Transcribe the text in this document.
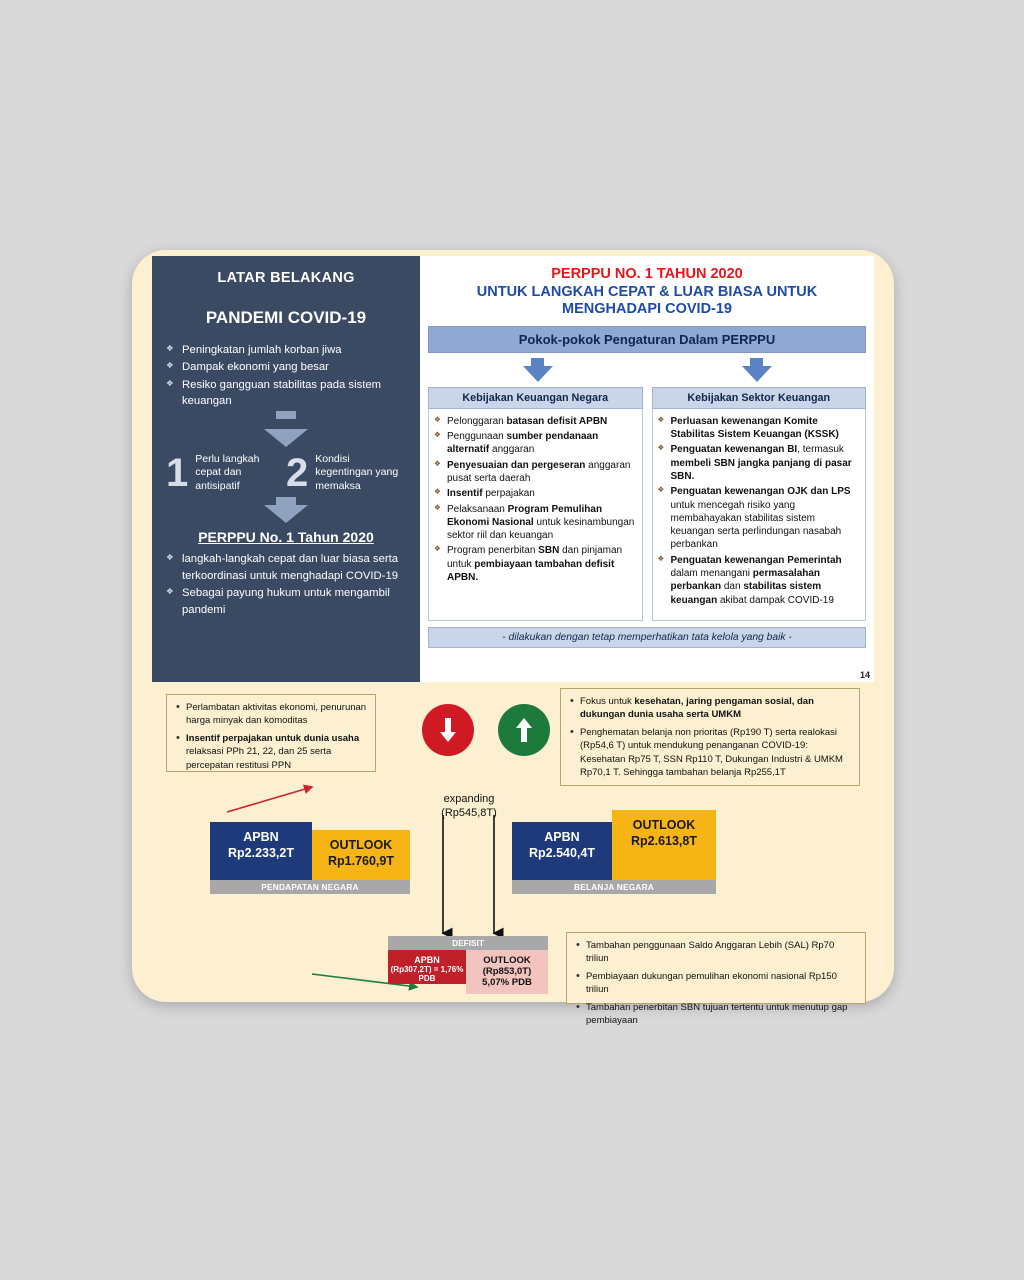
LATAR BELAKANG
PANDEMI COVID-19
❖ Peningkatan jumlah korban jiwa
❖ Dampak ekonomi yang besar
❖ Resiko gangguan stabilitas pada sistem keuangan
1 Perlu langkah cepat dan antisipatif	2 Kondisi kegentingan yang memaksa
PERPPU No. 1 Tahun 2020
❖ langkah-langkah cepat dan luar biasa serta terkoordinasi untuk menghadapi COVID-19
❖ Sebagai payung hukum untuk mengambil pandemi
PERPPU NO. 1 TAHUN 2020
UNTUK LANGKAH CEPAT & LUAR BIASA UNTUK MENGHADAPI COVID-19
Pokok-pokok Pengaturan Dalam PERPPU
Kebijakan Keuangan Negara
❖ Pelonggaran batasan defisit APBN
❖ Penggunaan sumber pendanaan alternatif anggaran
❖ Penyesuaian dan pergeseran anggaran pusat serta daerah
❖ Insentif perpajakan
❖ Pelaksanaan Program Pemulihan Ekonomi Nasional untuk kesinambungan sektor riil dan keuangan
❖ Program penerbitan SBN dan pinjaman untuk pembiayaan tambahan defisit APBN.
Kebijakan Sektor Keuangan
❖ Perluasan kewenangan Komite Stabilitas Sistem Keuangan (KSSK)
❖ Penguatan kewenangan BI, termasuk membeli SBN jangka panjang di pasar SBN.
❖ Penguatan kewenangan OJK dan LPS untuk mencegah risiko yang membahayakan stabilitas sistem keuangan serta perlindungan nasabah perbankan
❖ Penguatan kewenangan Pemerintah dalam menangani permasalahan perbankan dan stabilitas sistem keuangan akibat dampak COVID-19
- dilakukan dengan tetap memperhatikan tata kelola yang baik -
14
• Perlambatan aktivitas ekonomi, penurunan harga minyak dan komoditas
• Insentif perpajakan untuk dunia usaha relaksasi PPh 21, 22, dan 25 serta percepatan restitusi PPN
• Fokus untuk kesehatan, jaring pengaman sosial, dan dukungan dunia usaha serta UMKM
• Penghematan belanja non prioritas (Rp190 T) serta realokasi (Rp54,6 T) untuk mendukung penanganan COVID-19: Kesehatan Rp75 T, SSN Rp110 T, Dukungan Industri & UMKM Rp70,1 T. Sehingga tambahan belanja Rp255,1T
expanding
(Rp545,8T)
APBN
Rp2.233,2T
OUTLOOK
Rp1.760,9T
PENDAPATAN NEGARA
APBN
Rp2.540,4T
OUTLOOK
Rp2.613,8T
BELANJA NEGARA
DEFISIT
APBN
(Rp307,2T) = 1,76% PDB
OUTLOOK
(Rp853,0T)
5,07% PDB
• Tambahan penggunaan Saldo Anggaran Lebih (SAL) Rp70 triliun
• Pembiayaan dukungan pemulihan ekonomi nasional Rp150 triliun
• Tambahan penerbitan SBN tujuan tertentu untuk menutup gap pembiayaan
